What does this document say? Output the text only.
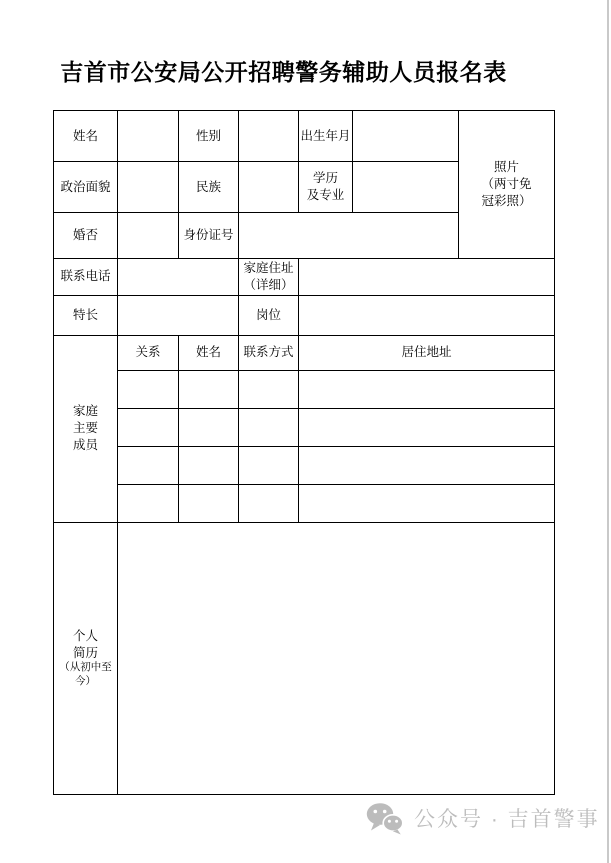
吉首市公安局公开招聘警务辅助人员报名表
姓名		性别		出生年月		照片
（两寸免
冠彩照）

政治面貌		民族		学历
及专业		

婚否		身份证号				
联系电话			家庭住址
（详细）			

特长			岗位			

家庭
主要
成员	关系	姓名	联系方式	居住地址		

个人
简历
（从初中至
今）						

公众号 · 吉首警事
